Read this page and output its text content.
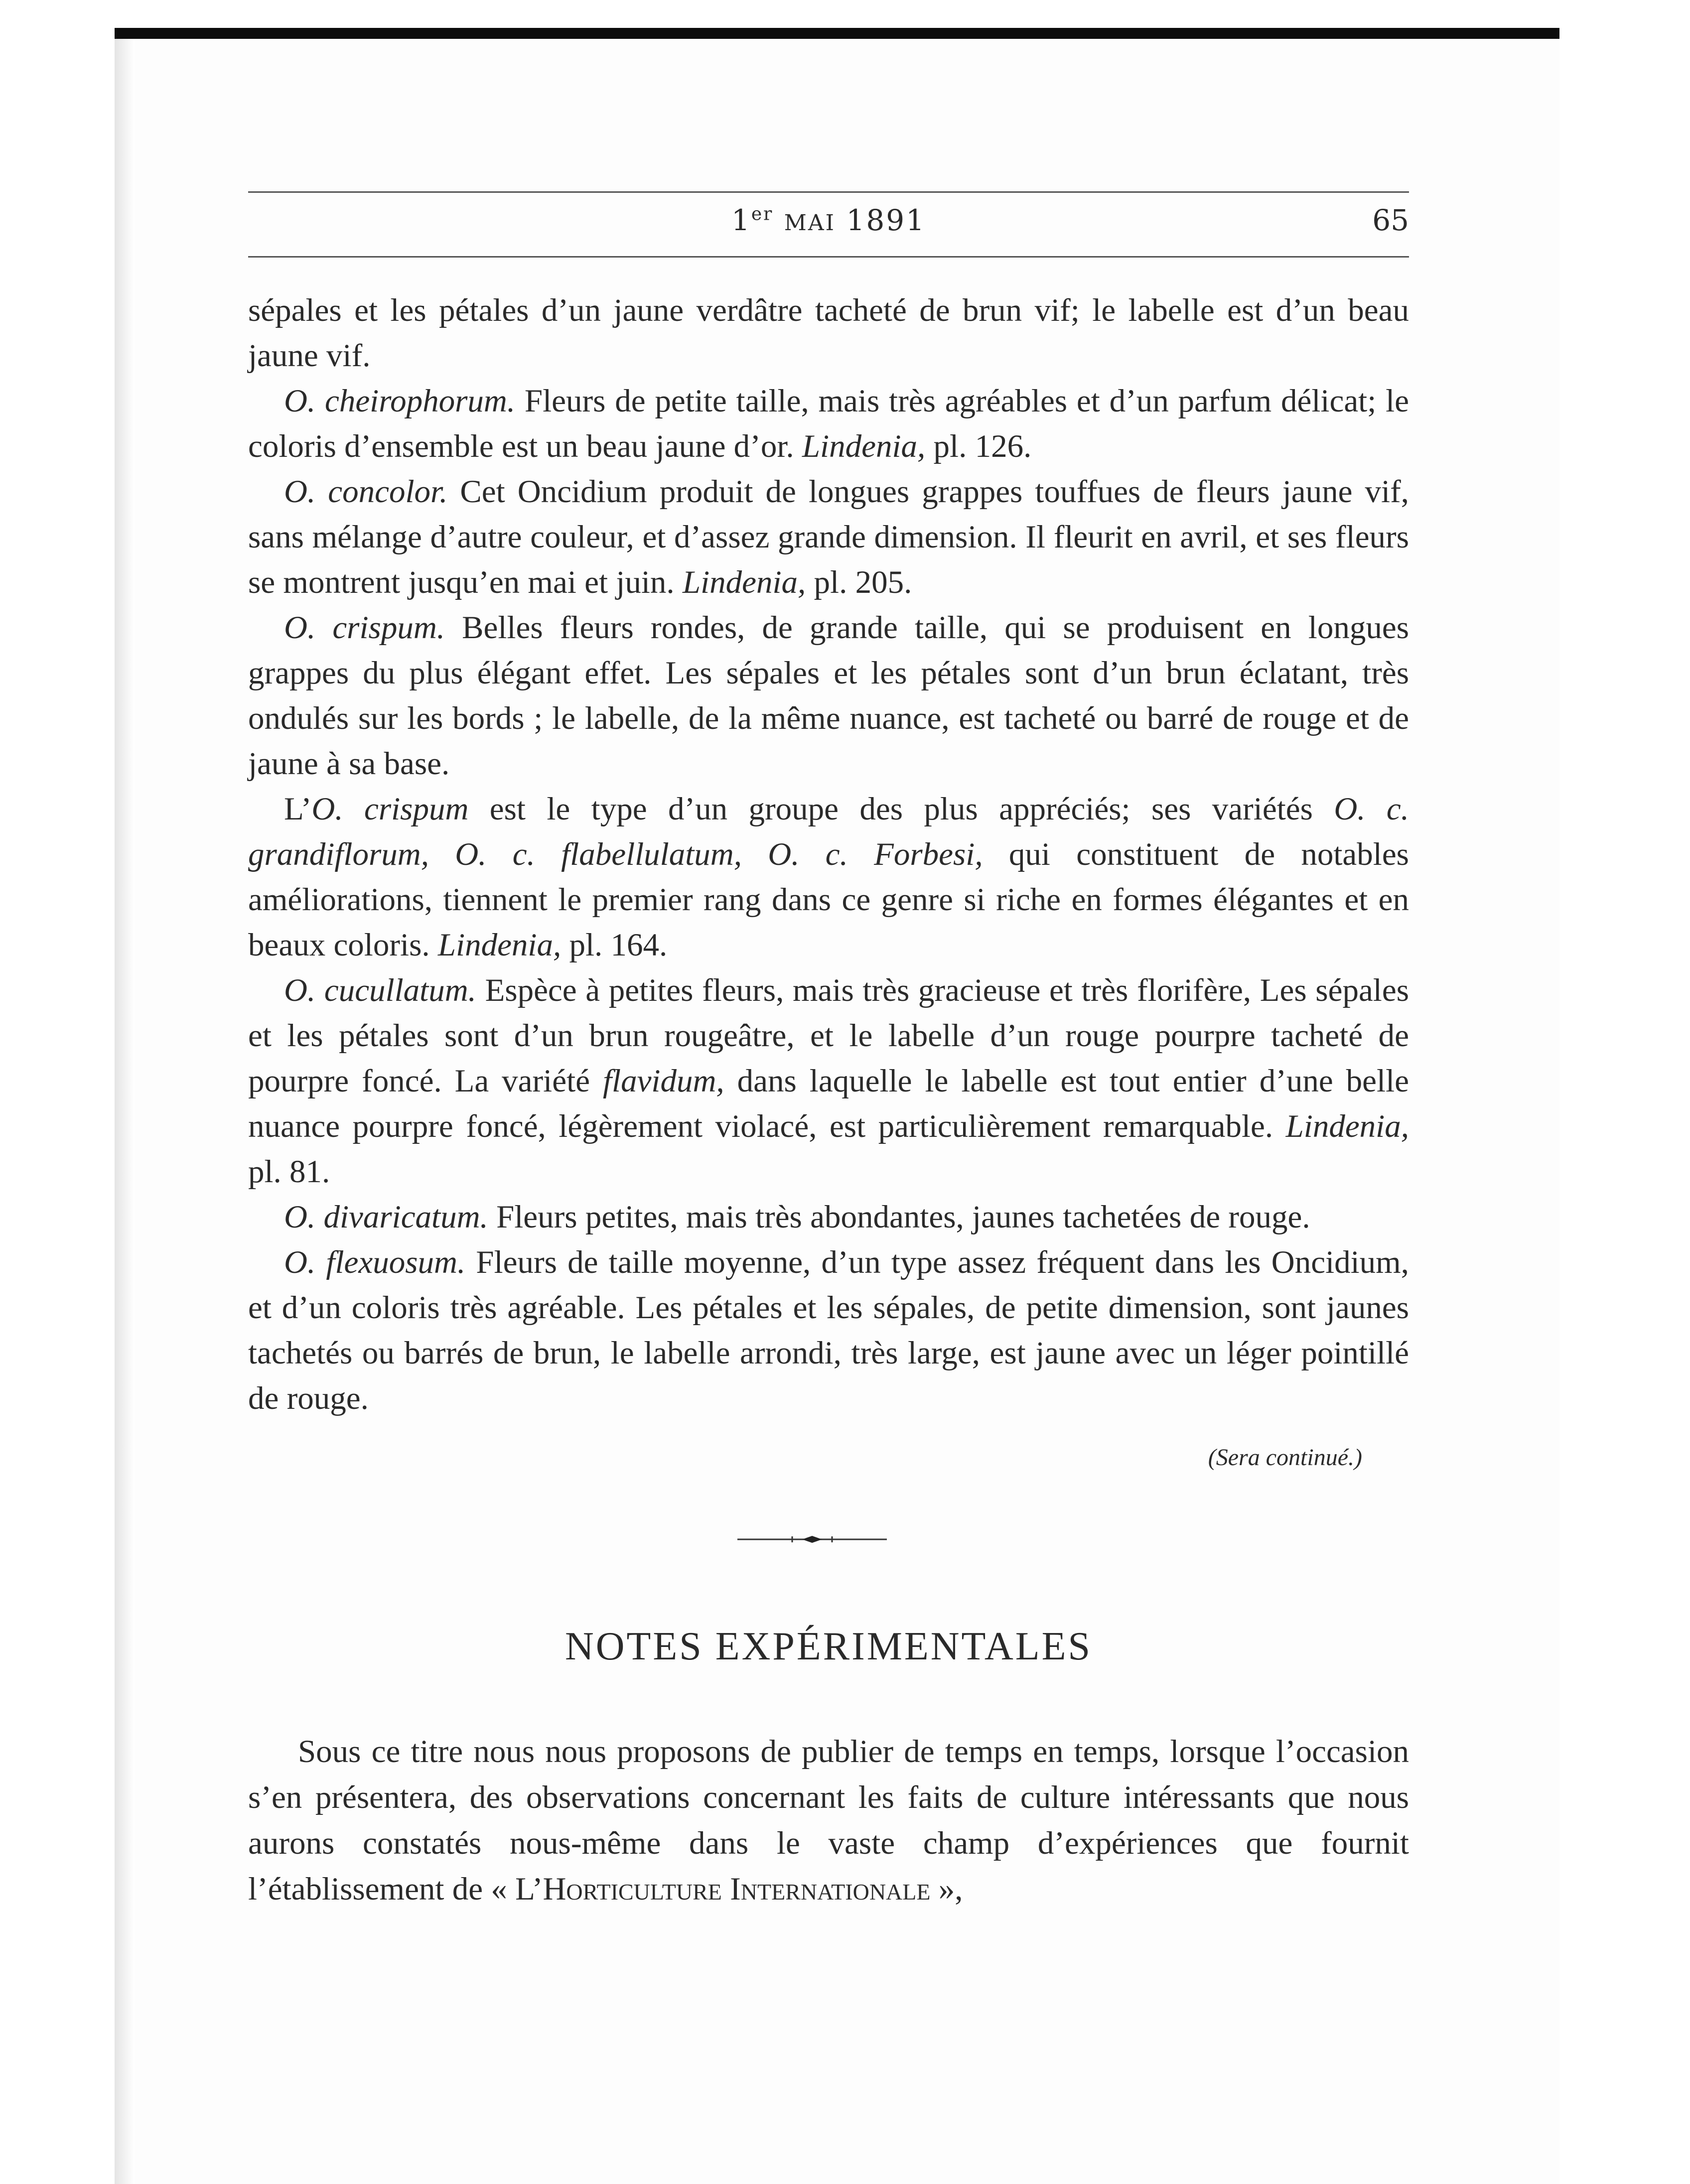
1er MAI 1891	65

sépales et les pétales d’un jaune verdâtre tacheté de brun vif; le labelle est d’un beau jaune vif.

O. cheirophorum. Fleurs de petite taille, mais très agréables et d’un parfum délicat; le coloris d’ensemble est un beau jaune d’or. Lindenia, pl. 126.

O. concolor. Cet Oncidium produit de longues grappes touffues de fleurs jaune vif, sans mélange d’autre couleur, et d’assez grande dimension. Il fleurit en avril, et ses fleurs se montrent jusqu’en mai et juin. Lindenia, pl. 205.

O. crispum. Belles fleurs rondes, de grande taille, qui se produisent en longues grappes du plus élégant effet. Les sépales et les pétales sont d’un brun éclatant, très ondulés sur les bords ; le labelle, de la même nuance, est tacheté ou barré de rouge et de jaune à sa base.

L’O. crispum est le type d’un groupe des plus appréciés; ses variétés O. c. grandiflorum, O. c. flabellulatum, O. c. Forbesi, qui constituent de notables améliorations, tiennent le premier rang dans ce genre si riche en formes élégantes et en beaux coloris. Lindenia, pl. 164.

O. cucullatum. Espèce à petites fleurs, mais très gracieuse et très florifère, Les sépales et les pétales sont d’un brun rougeâtre, et le labelle d’un rouge pourpre tacheté de pourpre foncé. La variété flavidum, dans laquelle le labelle est tout entier d’une belle nuance pourpre foncé, légèrement violacé, est particulièrement remarquable. Lindenia, pl. 81.

O. divaricatum. Fleurs petites, mais très abondantes, jaunes tachetées de rouge.

O. flexuosum. Fleurs de taille moyenne, d’un type assez fréquent dans les Oncidium, et d’un coloris très agréable. Les pétales et les sépales, de petite dimension, sont jaunes tachetés ou barrés de brun, le labelle arrondi, très large, est jaune avec un léger pointillé de rouge.

(Sera continué.)
NOTES EXPÉRIMENTALES

Sous ce titre nous nous proposons de publier de temps en temps, lorsque l’occasion s’en présentera, des observations concernant les faits de culture intéressants que nous aurons constatés nous-même dans le vaste champ d’expériences que fournit l’établissement de « L’Horticulture Internationale »,
